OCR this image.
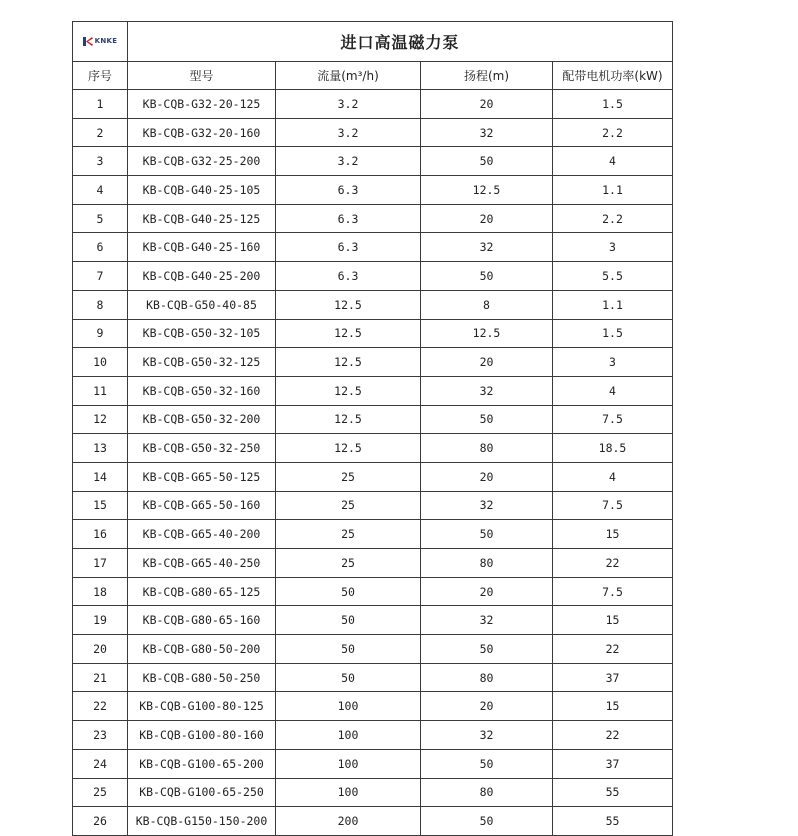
KNKE	进口高温磁力泵			
序号	型号	流量(m³/h)	扬程(m)	配带电机功率(kW)
1	KB-CQB-G32-20-125	3.2	20	1.5
2	KB-CQB-G32-20-160	3.2	32	2.2
3	KB-CQB-G32-25-200	3.2	50	4
4	KB-CQB-G40-25-105	6.3	12.5	1.1
5	KB-CQB-G40-25-125	6.3	20	2.2
6	KB-CQB-G40-25-160	6.3	32	3
7	KB-CQB-G40-25-200	6.3	50	5.5
8	KB-CQB-G50-40-85	12.5	8	1.1
9	KB-CQB-G50-32-105	12.5	12.5	1.5
10	KB-CQB-G50-32-125	12.5	20	3
11	KB-CQB-G50-32-160	12.5	32	4
12	KB-CQB-G50-32-200	12.5	50	7.5
13	KB-CQB-G50-32-250	12.5	80	18.5
14	KB-CQB-G65-50-125	25	20	4
15	KB-CQB-G65-50-160	25	32	7.5
16	KB-CQB-G65-40-200	25	50	15
17	KB-CQB-G65-40-250	25	80	22
18	KB-CQB-G80-65-125	50	20	7.5
19	KB-CQB-G80-65-160	50	32	15
20	KB-CQB-G80-50-200	50	50	22
21	KB-CQB-G80-50-250	50	80	37
22	KB-CQB-G100-80-125	100	20	15
23	KB-CQB-G100-80-160	100	32	22
24	KB-CQB-G100-65-200	100	50	37
25	KB-CQB-G100-65-250	100	80	55
26	KB-CQB-G150-150-200	200	50	55
